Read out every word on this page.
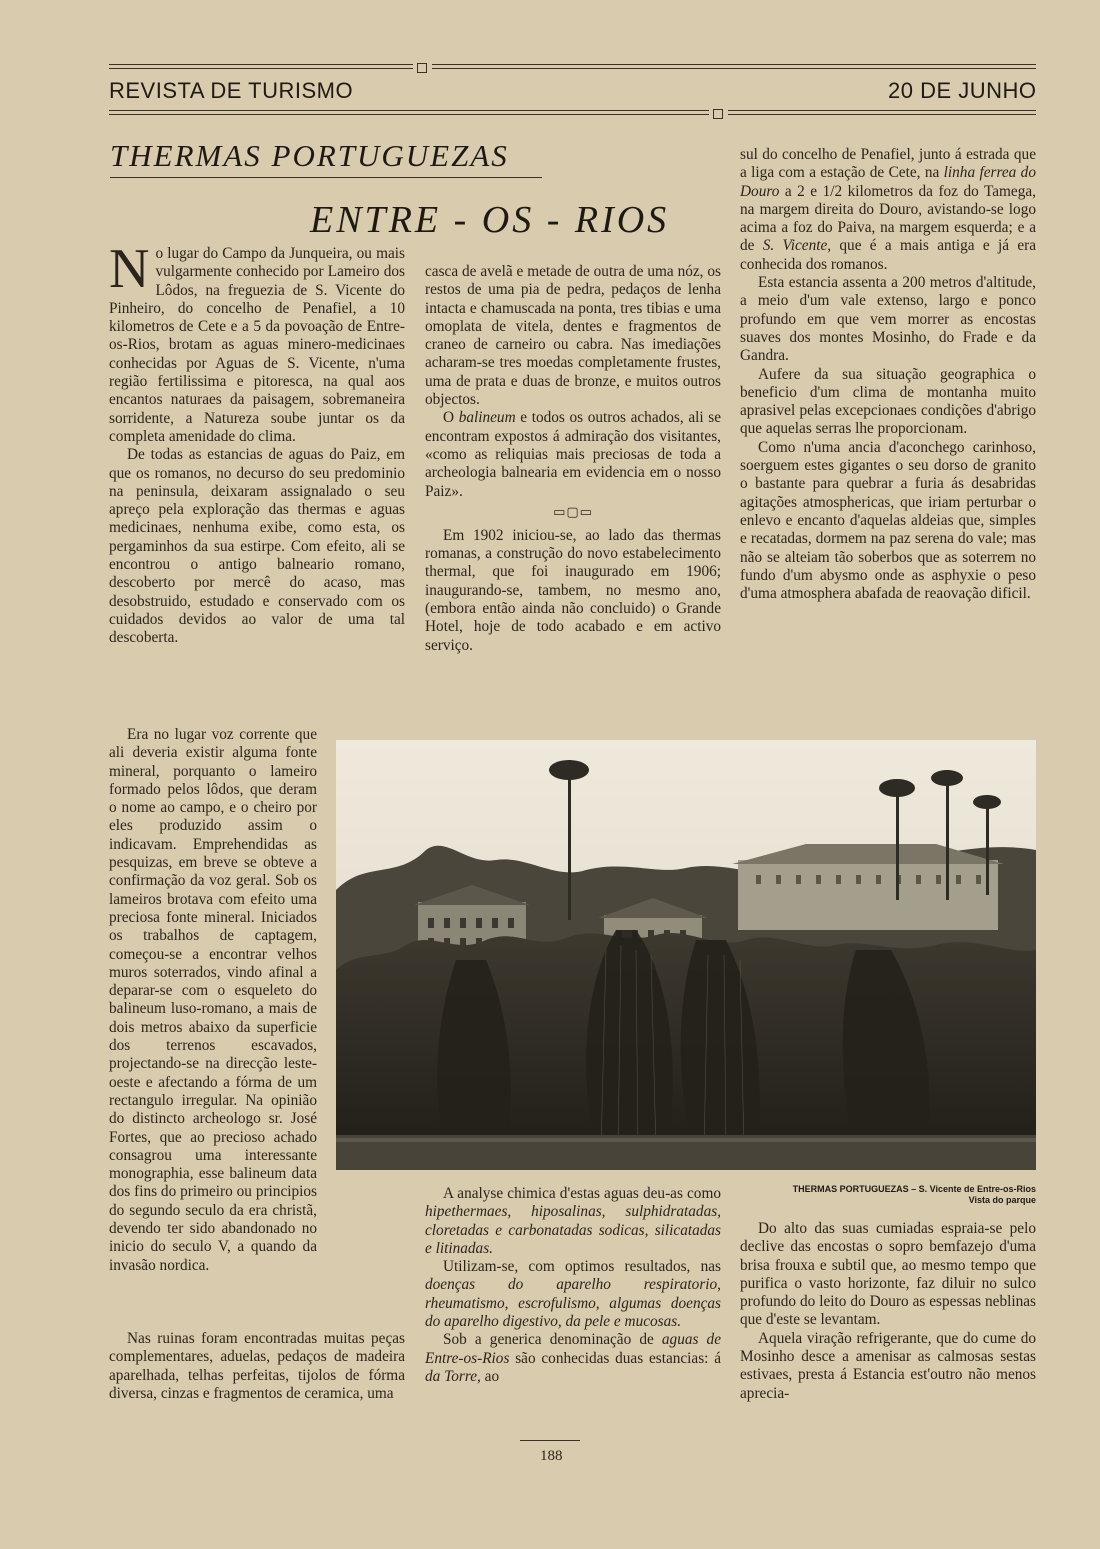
REVISTA DE TURISMO	20 DE JUNHO
THERMAS PORTUGUEZAS
ENTRE - OS - RIOS

No lugar do Campo da Junqueira, ou mais vulgarmente conhecido por Lameiro dos Lôdos, na freguezia de S. Vicente do Pinheiro, do concelho de Penafiel, a 10 kilometros de Cete e a 5 da povoação de Entre-os-Rios, brotam as aguas minero-medicinaes conhecidas por Aguas de S. Vicente, n'uma região fertilissima e pitoresca, na qual aos encantos naturaes da paisagem, sobremaneira sorridente, a Natureza soube juntar os da completa amenidade do clima.

De todas as estancias de aguas do Paiz, em que os romanos, no decurso do seu predominio na peninsula, deixaram assignalado o seu apreço pela exploração das thermas e aguas medicinaes, nenhuma exibe, como esta, os pergaminhos da sua estirpe. Com efeito, ali se encontrou o antigo balneario romano, descoberto por mercê do acaso, mas desobstruido, estudado e conservado com os cuidados devidos ao valor de uma tal descoberta.

Era no lugar voz corrente que ali deveria existir alguma fonte mineral, porquanto o lameiro formado pelos lôdos, que deram o nome ao campo, e o cheiro por eles produzido assim o indicavam. Emprehendidas as pesquizas, em breve se obteve a confirmação da voz geral. Sob os lameiros brotava com efeito uma preciosa fonte mineral. Iniciados os trabalhos de captagem, começou-se a encontrar velhos muros soterrados, vindo afinal a deparar-se com o esqueleto do balineum luso-romano, a mais de dois metros abaixo da superficie dos terrenos escavados, projectando-se na direcção leste-oeste e afectando a fórma de um rectangulo irregular. Na opinião do distincto archeologo sr. José Fortes, que ao precioso achado consagrou uma interessante monographia, esse balineum data dos fins do primeiro ou principios do segundo seculo da era christã, devendo ter sido abandonado no inicio do seculo V, a quando da invasão nordica.

Nas ruinas foram encontradas muitas peças complementares, aduelas, pedaços de madeira aparelhada, telhas perfeitas, tijolos de fórma diversa, cinzas e fragmentos de ceramica, uma

casca de avelã e metade de outra de uma nóz, os restos de uma pia de pedra, pedaços de lenha intacta e chamuscada na ponta, tres tibias e uma omoplata de vitela, dentes e fragmentos de craneo de carneiro ou cabra. Nas imediações acharam-se tres moedas completamente frustes, uma de prata e duas de bronze, e muitos outros objectos.

O balineum e todos os outros achados, ali se encontram expostos á admiração dos visitantes, «como as reliquias mais preciosas de toda a archeologia balnearia em evidencia em o nosso Paiz».

▭▢▭

Em 1902 iniciou-se, ao lado das thermas romanas, a construção do novo estabelecimento thermal, que foi inaugurado em 1906; inaugurando-se, tambem, no mesmo ano, (embora então ainda não concluido) o Grande Hotel, hoje de todo acabado e em activo serviço.

A analyse chimica d'estas aguas deu-as como hipethermaes, hiposalinas, sulphidratadas, cloretadas e carbonatadas sodicas, silicatadas e litinadas.

Utilizam-se, com optimos resultados, nas doenças do aparelho respiratorio, rheumatismo, escrofulismo, algumas doenças do aparelho digestivo, da pele e mucosas.

Sob a generica denominação de aguas de Entre-os-Rios são conhecidas duas estancias: á da Torre, ao

sul do concelho de Penafiel, junto á estrada que a liga com a estação de Cete, na linha ferrea do Douro a 2 e 1/2 kilometros da foz do Tamega, na margem direita do Douro, avistando-se logo acima a foz do Paiva, na margem esquerda; e a de S. Vicente, que é a mais antiga e já era conhecida dos romanos.

Esta estancia assenta a 200 metros d'altitude, a meio d'um vale extenso, largo e ponco profundo em que vem morrer as encostas suaves dos montes Mosinho, do Frade e da Gandra.

Aufere da sua situação geographica o beneficio d'um clima de montanha muito aprasivel pelas excepcionaes condições d'abrigo que aquelas serras lhe proporcionam.

Como n'uma ancia d'aconchego carinhoso, soerguem estes gigantes o seu dorso de granito o bastante para quebrar a furia ás desabridas agitações atmosphericas, que iriam perturbar o enlevo e encanto d'aquelas aldeias que, simples e recatadas, dormem na paz serena do vale; mas não se alteiam tão soberbos que as soterrem no fundo d'um abysmo onde as asphyxie o peso d'uma atmosphera abafada de reaovação dificil.

Do alto das suas cumiadas espraia-se pelo declive das encostas o sopro bemfazejo d'uma brisa frouxa e subtil que, ao mesmo tempo que purifica o vasto horizonte, faz diluir no sulco profundo do leito do Douro as espessas neblinas que d'este se levantam.

Aquela viração refrigerante, que do cume do Mosinho desce a amenisar as calmosas sestas estivaes, presta á Estancia est'outro não menos aprecia-

THERMAS PORTUGUEZAS – S. Vicente de Entre-os-Rios
Vista do parque
188
